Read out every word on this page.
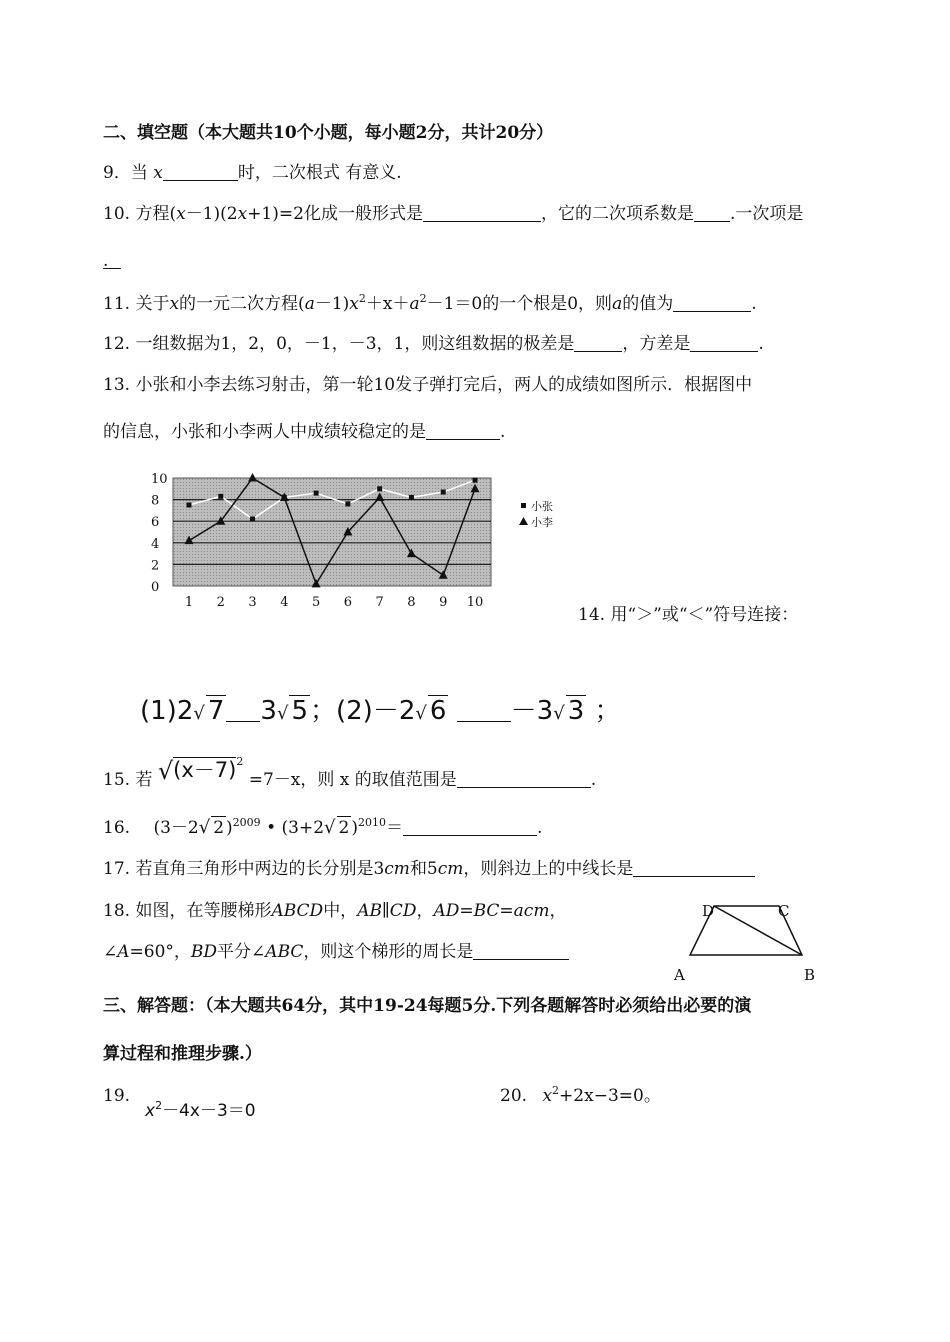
二、填空题（本大题共10个小题，每小题2分，共计20分）
9．当 x	时，二次根式 有意义.
10. 方程(x－1)(2x+1)=2化成一般形式是	，它的二次项系数是 .一次项是
.
11. 关于x的一元二次方程$(a-1)x^2+x+a^2-1=0$的一个根是0，则a的值为	.
12. 一组数据为1，2，0，－1，－3，1，则这组数据的极差是	，方差是	.
13. 小张和小李去练习射击，第一轮10发子弹打完后，两人的成绩如图所示．根据图中
的信息，小张和小李两人中成绩较稳定的是	.
0
2
4
6
8
10
1 2 3 4 5 6 7 8 9 10
小张
小李
14. 用“＞”或“＜”符号连接：
(1)2√ 7 3√ 5；(2)－2√ 6 －3√ 3 ；
15. 若 $√(x-7)^2 =7-x$，则 x 的取值范围是	.
16. (3－2√ 2 )$^{2009}$ • (3+2√ 2 )$^{2010}$＝	.
17. 若直角三角形中两边的长分别是3cm和5cm，则斜边上的中线长是
18. 如图，在等腰梯形ABCD中，AB∥CD，AD=BC=acm，
∠A=60°，BD平分∠ABC，则这个梯形的周长是
D	C
A	B
三、解答题：（本大题共64分，其中19-24每题5分.下列各题解答时必须给出必要的演
算过程和推理步骤.）
19.
$x^2-4x-3=0$
20. $x^2+2x-3=0$。
